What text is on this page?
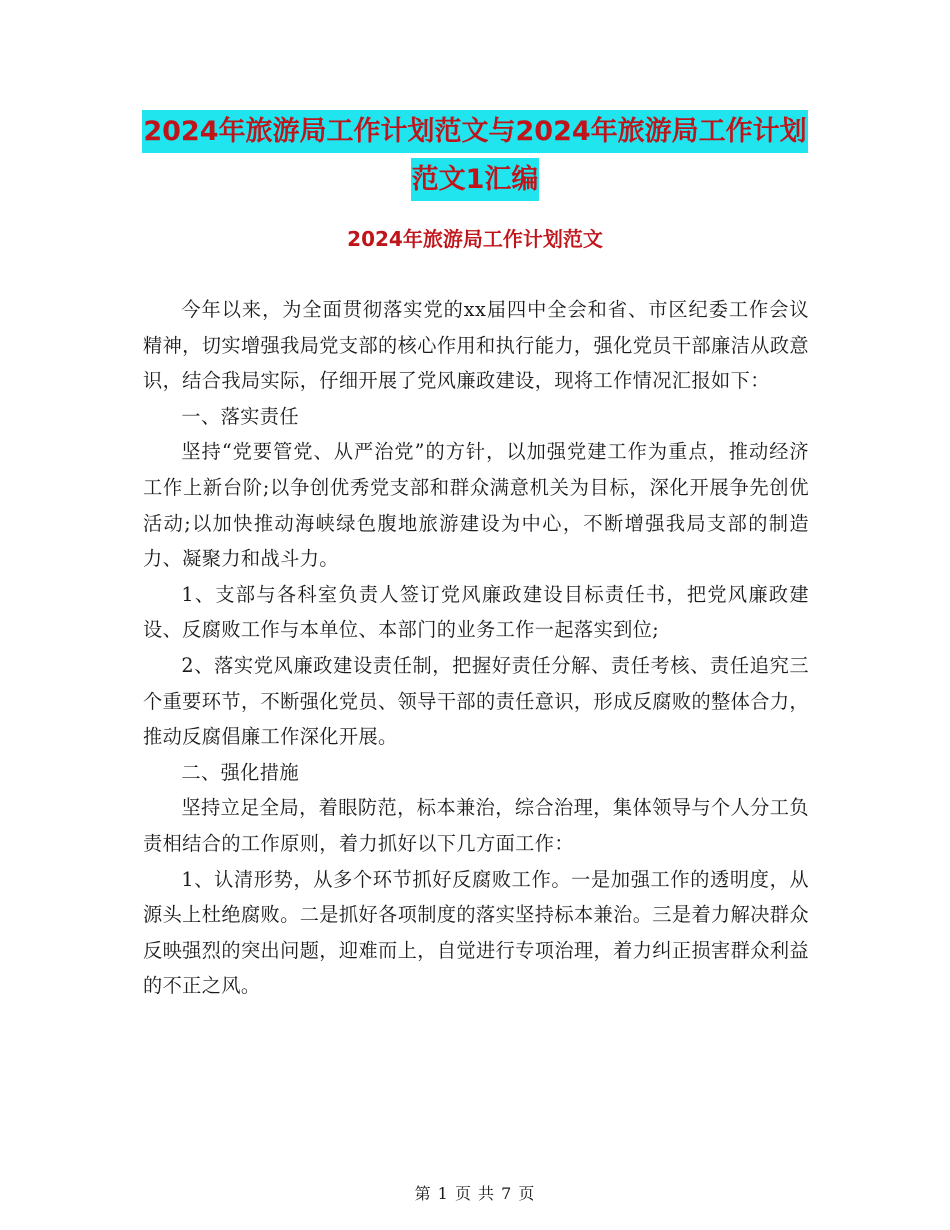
2024年旅游局工作计划范文与2024年旅游局工作计划
范文1汇编
2024年旅游局工作计划范文

今年以来，为全面贯彻落实党的xx届四中全会和省、市区纪委工作会议精神，切实增强我局党支部的核心作用和执行能力，强化党员干部廉洁从政意识，结合我局实际，仔细开展了党风廉政建设，现将工作情况汇报如下：

一、落实责任

坚持“党要管党、从严治党”的方针，以加强党建工作为重点，推动经济工作上新台阶;以争创优秀党支部和群众满意机关为目标，深化开展争先创优活动;以加快推动海峡绿色腹地旅游建设为中心，不断增强我局支部的制造力、凝聚力和战斗力。

1、支部与各科室负责人签订党风廉政建设目标责任书，把党风廉政建设、反腐败工作与本单位、本部门的业务工作一起落实到位;

2、落实党风廉政建设责任制，把握好责任分解、责任考核、责任追究三个重要环节，不断强化党员、领导干部的责任意识，形成反腐败的整体合力，推动反腐倡廉工作深化开展。

二、强化措施

坚持立足全局，着眼防范，标本兼治，综合治理，集体领导与个人分工负责相结合的工作原则，着力抓好以下几方面工作：

1、认清形势，从多个环节抓好反腐败工作。一是加强工作的透明度，从源头上杜绝腐败。二是抓好各项制度的落实坚持标本兼治。三是着力解决群众反映强烈的突出问题，迎难而上，自觉进行专项治理，着力纠正损害群众利益的不正之风。

第 1 页 共 7 页
